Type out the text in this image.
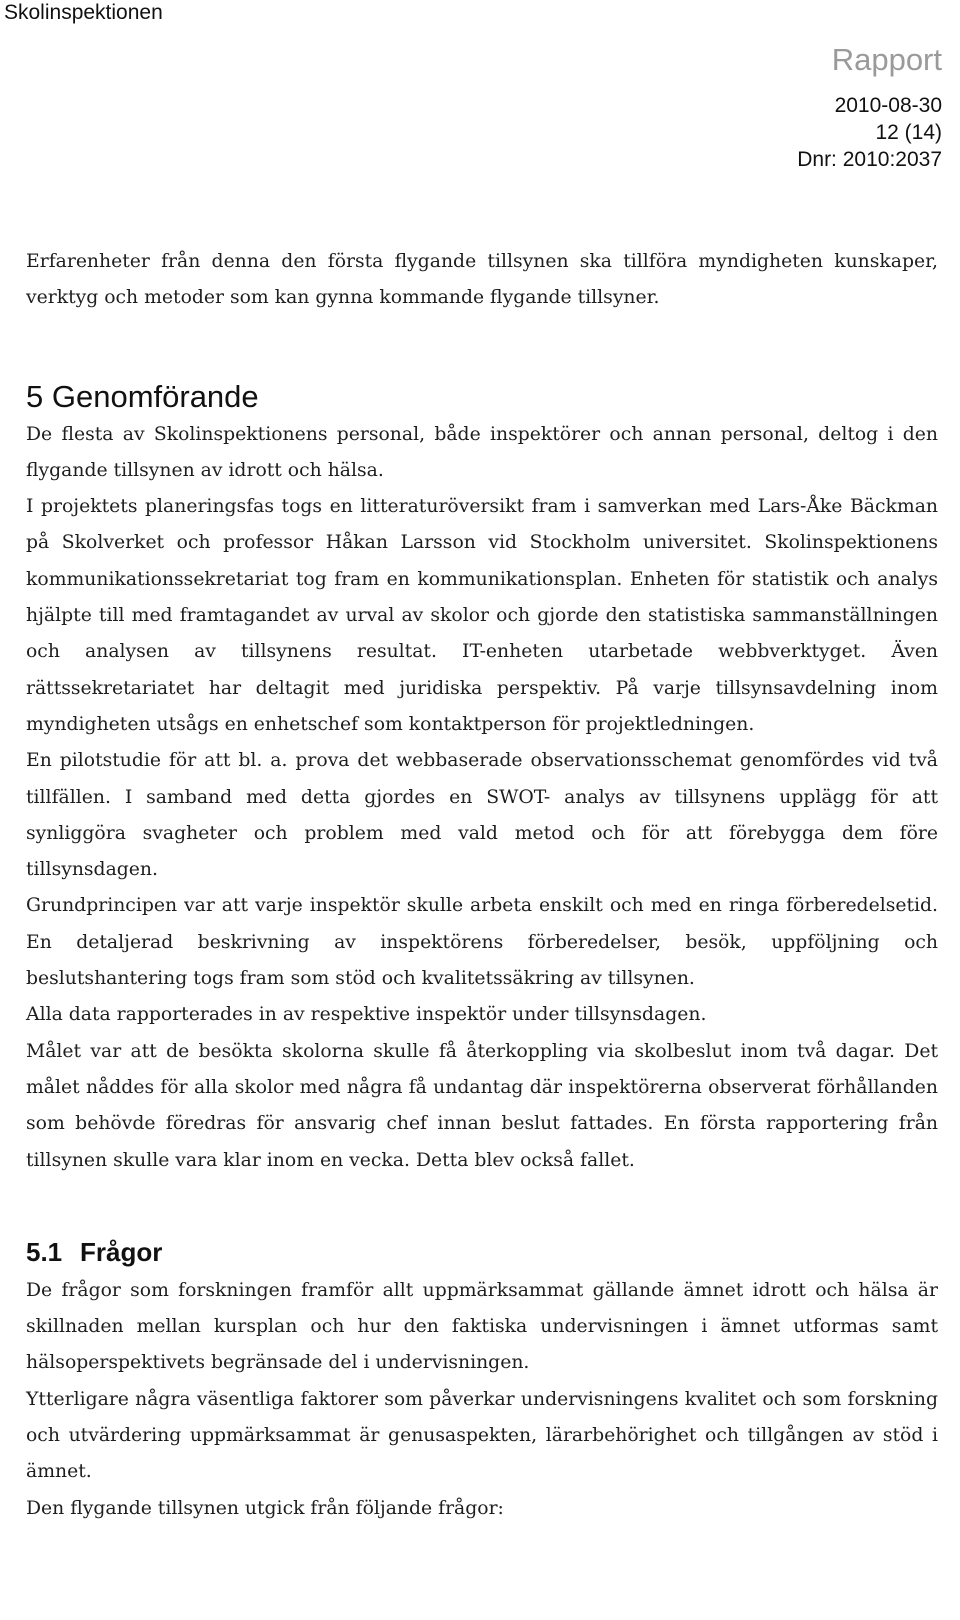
Skolinspektionen
Rapport
2010-08-30
12 (14)
Dnr: 2010:2037

Erfarenheter från denna den första flygande tillsynen ska tillföra myndigheten kunskaper, verktyg och metoder som kan gynna kommande flygande tillsyner.

5 Genomförande

De flesta av Skolinspektionens personal, både inspektörer och annan personal, deltog i den flygande tillsynen av idrott och hälsa.

I projektets planeringsfas togs en litteraturöversikt fram i samverkan med Lars-Åke Bäckman på Skolverket och professor Håkan Larsson vid Stockholm universitet. Skolinspektionens kommunikationssekretariat tog fram en kommunikationsplan. Enheten för statistik och analys hjälpte till med framtagandet av urval av skolor och gjorde den statistiska sammanställningen och analysen av tillsynens resultat. IT-enheten utarbetade webbverktyget. Även rättssekretariatet har deltagit med juridiska perspektiv. På varje tillsynsavdelning inom myndigheten utsågs en enhetschef som kontaktperson för projektledningen.

En pilotstudie för att bl. a. prova det webbaserade observationsschemat genomfördes vid två tillfällen. I samband med detta gjordes en SWOT- analys av tillsynens upplägg för att synliggöra svagheter och problem med vald metod och för att förebygga dem före tillsynsdagen.

Grundprincipen var att varje inspektör skulle arbeta enskilt och med en ringa förberedelsetid. En detaljerad beskrivning av inspektörens förberedelser, besök, uppföljning och beslutshantering togs fram som stöd och kvalitetssäkring av tillsynen.

Alla data rapporterades in av respektive inspektör under tillsynsdagen.

Målet var att de besökta skolorna skulle få återkoppling via skolbeslut inom två dagar. Det målet nåddes för alla skolor med några få undantag där inspektörerna observerat förhållanden som behövde föredras för ansvarig chef innan beslut fattades. En första rapportering från tillsynen skulle vara klar inom en vecka. Detta blev också fallet.

5.1 Frågor

De frågor som forskningen framför allt uppmärksammat gällande ämnet idrott och hälsa är skillnaden mellan kursplan och hur den faktiska undervisningen i ämnet utformas samt hälsoperspektivets begränsade del i undervisningen.

Ytterligare några väsentliga faktorer som påverkar undervisningens kvalitet och som forskning och utvärdering uppmärksammat är genusaspekten, lärarbehörighet och tillgången av stöd i ämnet.

Den flygande tillsynen utgick från följande frågor:
